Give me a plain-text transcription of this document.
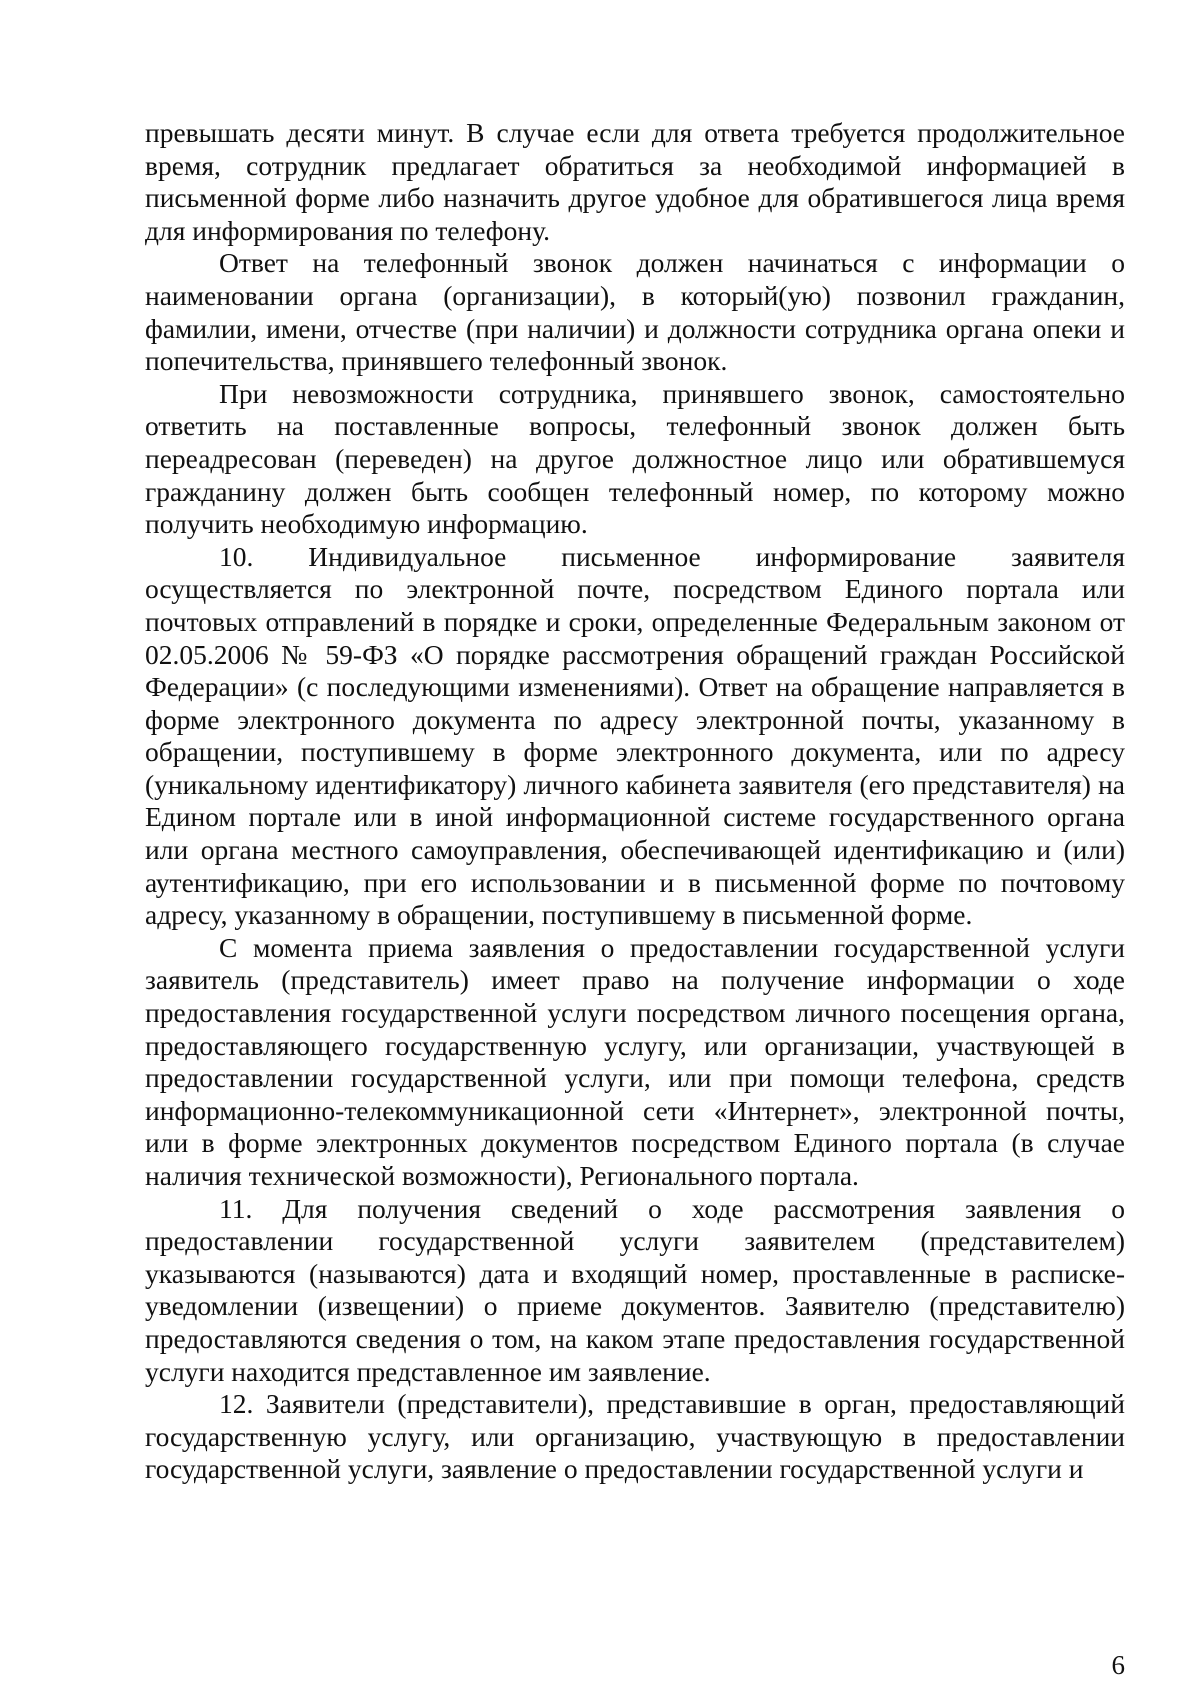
превышать десяти минут. В случае если для ответа требуется продолжительное время, сотрудник предлагает обратиться за необходимой информацией в письменной форме либо назначить другое удобное для обратившегося лица время для информирования по телефону.

Ответ на телефонный звонок должен начинаться с информации о наименовании органа (организации), в который(ую) позвонил гражданин, фамилии, имени, отчестве (при наличии) и должности сотрудника органа опеки и попечительства, принявшего телефонный звонок.

При невозможности сотрудника, принявшего звонок, самостоятельно ответить на поставленные вопросы, телефонный звонок должен быть переадресован (переведен) на другое должностное лицо или обратившемуся гражданину должен быть сообщен телефонный номер, по которому можно получить необходимую информацию.

10. Индивидуальное письменное информирование заявителя осуществляется по электронной почте, посредством Единого портала или почтовых отправлений в порядке и сроки, определенные Федеральным законом от 02.05.2006 № 59-ФЗ «О порядке рассмотрения обращений граждан Российской Федерации» (с последующими изменениями). Ответ на обращение направляется в форме электронного документа по адресу электронной почты, указанному в обращении, поступившему в форме электронного документа, или по адресу (уникальному идентификатору) личного кабинета заявителя (его представителя) на Едином портале или в иной информационной системе государственного органа или органа местного самоуправления, обеспечивающей идентификацию и (или) аутентификацию, при его использовании и в письменной форме по почтовому адресу, указанному в обращении, поступившему в письменной форме.

С момента приема заявления о предоставлении государственной услуги заявитель (представитель) имеет право на получение информации о ходе предоставления государственной услуги посредством личного посещения органа, предоставляющего государственную услугу, или организации, участвующей в предоставлении государственной услуги, или при помощи телефона, средств информационно-телекоммуникационной сети «Интернет», электронной почты, или в форме электронных документов посредством Единого портала (в случае наличия технической возможности), Регионального портала.

11. Для получения сведений о ходе рассмотрения заявления о предоставлении государственной услуги заявителем (представителем) указываются (называются) дата и входящий номер, проставленные в расписке-уведомлении (извещении) о приеме документов. Заявителю (представителю) предоставляются сведения о том, на каком этапе предоставления государственной услуги находится представленное им заявление.

12. Заявители (представители), представившие в орган, предоставляющий государственную услугу, или организацию, участвующую в предоставлении государственной услуги, заявление о предоставлении государственной услуги и

6
